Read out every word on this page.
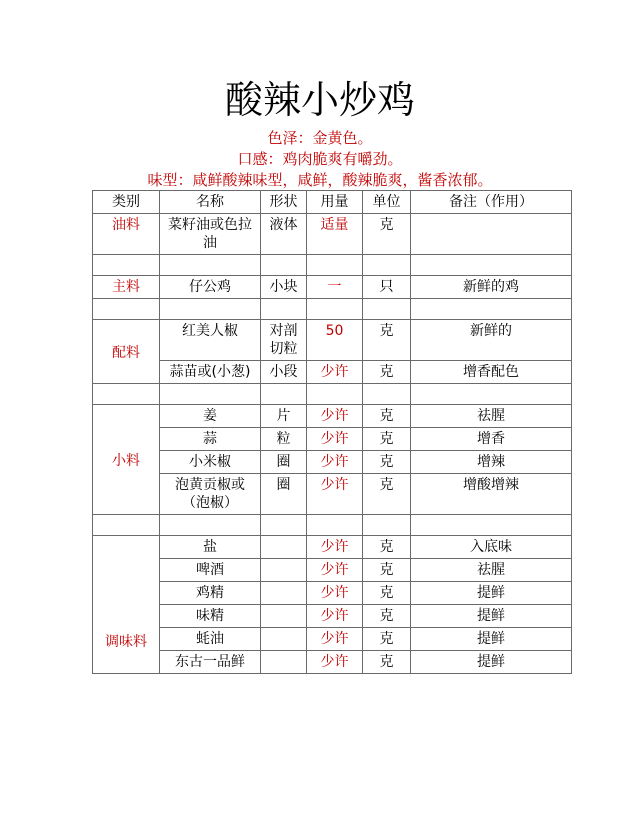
酸辣小炒鸡
色泽：金黄色。
口感：鸡肉脆爽有嚼劲。
味型：咸鲜酸辣味型，咸鲜，酸辣脆爽，酱香浓郁。
类别	名称	形状	用量	单位	备注（作用）
油料	菜籽油或色拉油	液体	适量	克	

主料	仔公鸡	小块	一	只	新鲜的鸡

配料	红美人椒	对剖切粒	50	克	新鲜的
	蒜苗或(小葱)	小段	少许	克	增香配色

小料	姜	片	少许	克	祛腥
	蒜	粒	少许	克	增香
	小米椒	圈	少许	克	增辣
	泡黄贡椒或（泡椒）	圈	少许	克	增酸增辣

调味料	盐		少许	克	入底味
	啤酒		少许	克	祛腥
	鸡精		少许	克	提鲜
	味精		少许	克	提鲜
	蚝油		少许	克	提鲜
	东古一品鲜		少许	克	提鲜
